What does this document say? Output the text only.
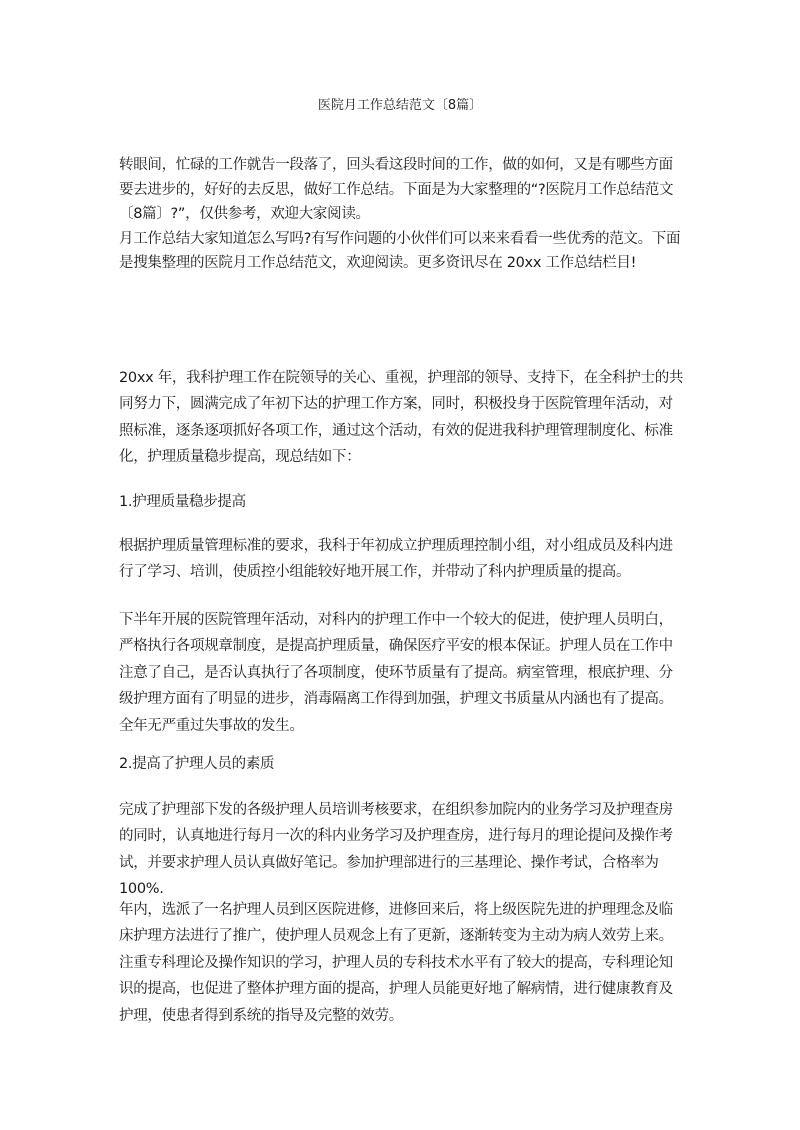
医院月工作总结范文〔8篇〕

转眼间，忙碌的工作就告一段落了，回头看这段时间的工作，做的如何，又是有哪些方面要去进步的，好好的去反思，做好工作总结。下面是为大家整理的“?医院月工作总结范文〔8篇〕?”，仅供参考，欢迎大家阅读。

月工作总结大家知道怎么写吗?有写作问题的小伙伴们可以来来看看一些优秀的范文。下面是搜集整理的医院月工作总结范文，欢迎阅读。更多资讯尽在 20xx 工作总结栏目!

20xx 年，我科护理工作在院领导的关心、重视，护理部的领导、支持下，在全科护士的共同努力下，圆满完成了年初下达的护理工作方案，同时，积极投身于医院管理年活动，对照标准，逐条逐项抓好各项工作，通过这个活动，有效的促进我科护理管理制度化、标准化，护理质量稳步提高，现总结如下：

1.护理质量稳步提高

根据护理质量管理标准的要求，我科于年初成立护理质理控制小组，对小组成员及科内进行了学习、培训，使质控小组能较好地开展工作，并带动了科内护理质量的提高。

下半年开展的医院管理年活动，对科内的护理工作中一个较大的促进，使护理人员明白，严格执行各项规章制度，是提高护理质量，确保医疗平安的根本保证。护理人员在工作中注意了自己，是否认真执行了各项制度，使环节质量有了提高。病室管理，根底护理、分级护理方面有了明显的进步，消毒隔离工作得到加强，护理文书质量从内涵也有了提高。全年无严重过失事故的发生。

2.提高了护理人员的素质

完成了护理部下发的各级护理人员培训考核要求，在组织参加院内的业务学习及护理查房的同时，认真地进行每月一次的科内业务学习及护理查房，进行每月的理论提问及操作考试，并要求护理人员认真做好笔记。参加护理部进行的三基理论、操作考试，合格率为 100%.

年内，选派了一名护理人员到区医院进修，进修回来后，将上级医院先进的护理理念及临床护理方法进行了推广，使护理人员观念上有了更新，逐渐转变为主动为病人效劳上来。注重专科理论及操作知识的学习，护理人员的专科技术水平有了较大的提高，专科理论知识的提高，也促进了整体护理方面的提高，护理人员能更好地了解病情，进行健康教育及护理，使患者得到系统的指导及完整的效劳。
